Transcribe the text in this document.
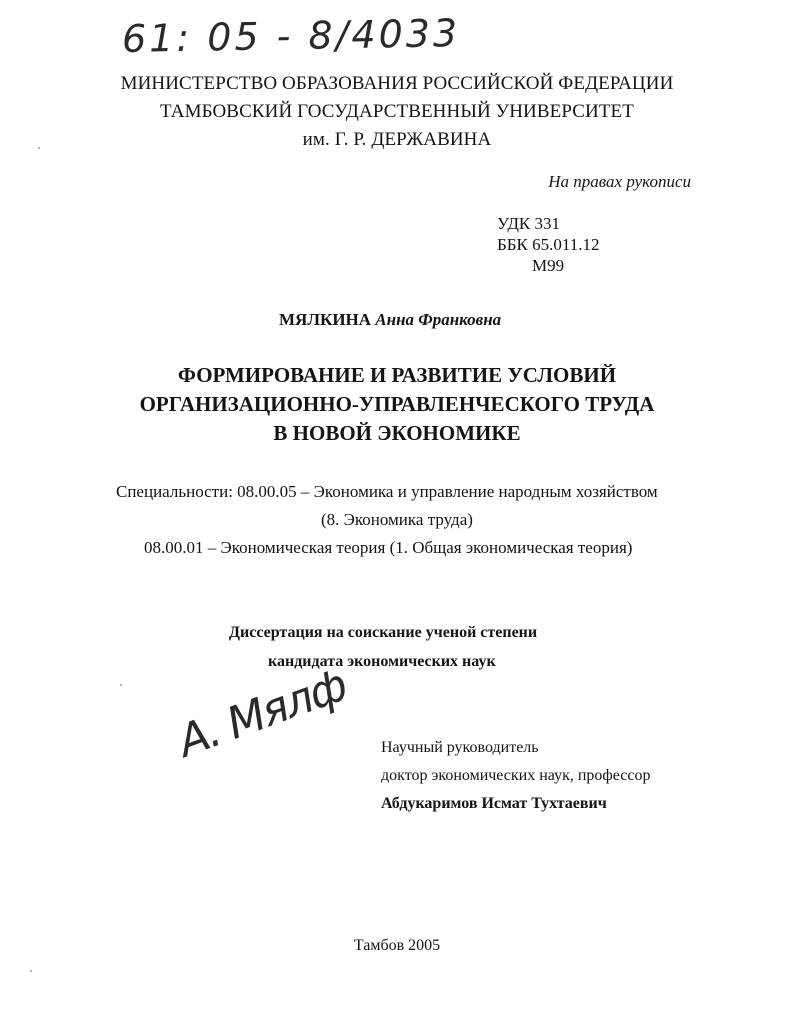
61: 05 - 8/4033
МИНИСТЕРСТВО ОБРАЗОВАНИЯ РОССИЙСКОЙ ФЕДЕРАЦИИ
ТАМБОВСКИЙ ГОСУДАРСТВЕННЫЙ УНИВЕРСИТЕТ
им. Г. Р. ДЕРЖАВИНА
На правах рукописи
УДК 331
ББК 65.011.12
М99
МЯЛКИНА Анна Франковна
ФОРМИРОВАНИЕ И РАЗВИТИЕ УСЛОВИЙ
ОРГАНИЗАЦИОННО-УПРАВЛЕНЧЕСКОГО ТРУДА
В НОВОЙ ЭКОНОМИКЕ
Специальности: 08.00.05 – Экономика и управление народным хозяйством
(8. Экономика труда)
08.00.01 – Экономическая теория (1. Общая экономическая теория)
Диссертация на соискание ученой степени
кандидата экономических наук
А. Мялф Научный руководитель
доктор экономических наук, профессор
Абдукаримов Исмат Тухтаевич
Тамбов 2005
